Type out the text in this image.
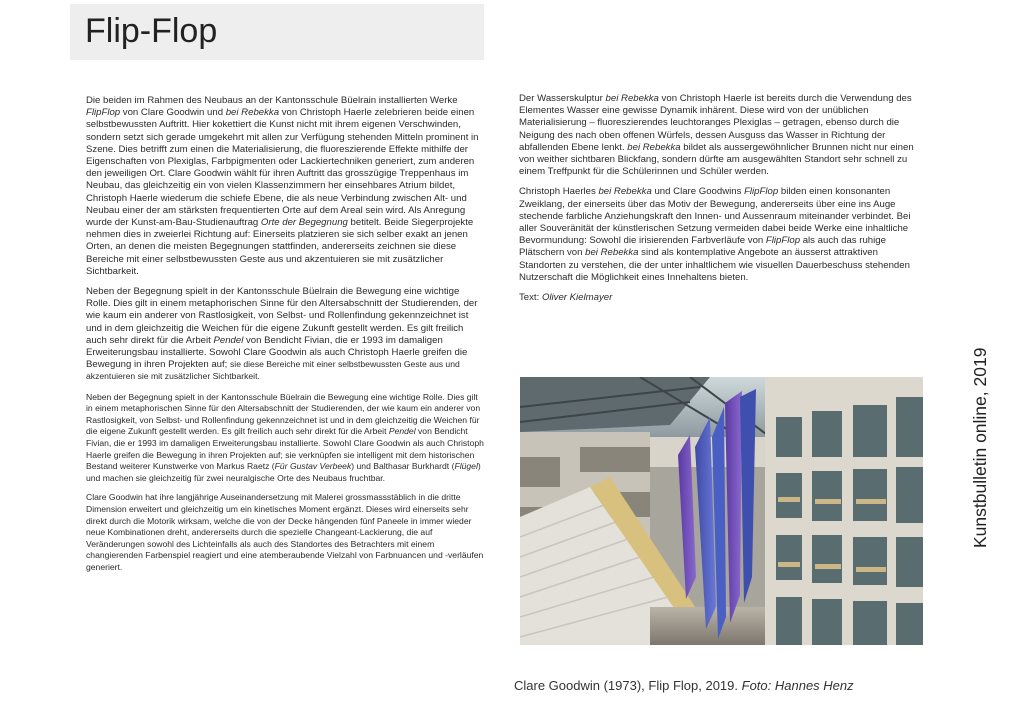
Flip-Flop

Die beiden im Rahmen des Neubaus an der Kantonsschule Büelrain installierten Werke FlipFlop von Clare Goodwin und bei Rebekka von Christoph Haerle zelebrieren beide einen selbstbewussten Auftritt. Hier kokettiert die Kunst nicht mit ihrem eigenen Verschwinden, sondern setzt sich gerade umgekehrt mit allen zur Verfügung stehenden Mitteln prominent in Szene. Dies betrifft zum einen die Materialisierung, die fluoreszierende Effekte mithilfe der Eigenschaften von Plexiglas, Farbpigmenten oder Lackiertechniken generiert, zum anderen den jeweiligen Ort. Clare Goodwin wählt für ihren Auftritt das grosszügige Treppenhaus im Neubau, das gleichzeitig ein von vielen Klassenzimmern her einsehbares Atrium bildet, Christoph Haerle wiederum die schiefe Ebene, die als neue Verbindung zwischen Alt- und Neubau einer der am stärksten frequentierten Orte auf dem Areal sein wird. Als Anregung wurde der Kunst-am-Bau-Studienauftrag Orte der Begegnung betitelt. Beide Siegerprojekte nehmen dies in zweierlei Richtung auf: Einerseits platzieren sie sich selber exakt an jenen Orten, an denen die meisten Begegnungen stattfinden, andererseits zeichnen sie diese Bereiche mit einer selbstbewussten Geste aus und akzentuieren sie mit zusätzlicher Sichtbarkeit.

Neben der Begegnung spielt in der Kantonsschule Büelrain die Bewegung eine wichtige Rolle. Dies gilt in einem metaphorischen Sinne für den Altersabschnitt der Studierenden, der wie kaum ein anderer von Rastlosigkeit, von Selbst- und Rollenfindung gekennzeichnet ist und in dem gleichzeitig die Weichen für die eigene Zukunft gestellt werden. Es gilt freilich auch sehr direkt für die Arbeit Pendel von Bendicht Fivian, die er 1993 im damaligen Erweiterungsbau installierte. Sowohl Clare Goodwin als auch Christoph Haerle greifen die Bewegung in ihren Projekten auf; sie diese Bereiche mit einer selbstbewussten Geste aus und akzentuieren sie mit zusätzlicher Sichtbarkeit.

Neben der Begegnung spielt in der Kantonsschule Büelrain die Bewegung eine wichtige Rolle. Dies gilt in einem metaphorischen Sinne für den Altersabschnitt der Studierenden, der wie kaum ein anderer von Rastlosigkeit, von Selbst- und Rollenfindung gekennzeichnet ist und in dem gleichzeitig die Weichen für die eigene Zukunft gestellt werden. Es gilt freilich auch sehr direkt für die Arbeit Pendel von Bendicht Fivian, die er 1993 im damaligen Erweiterungsbau installierte. Sowohl Clare Goodwin als auch Christoph Haerle greifen die Bewegung in ihren Projekten auf; sie verknüpfen sie intelligent mit dem historischen Bestand weiterer Kunstwerke von Markus Raetz (Für Gustav Verbeek) und Balthasar Burkhardt (Flügel) und machen sie gleichzeitig für zwei neuralgische Orte des Neubaus fruchtbar.

Clare Goodwin hat ihre langjährige Auseinandersetzung mit Malerei grossmassstäblich in die dritte Dimension erweitert und gleichzeitig um ein kinetisches Moment ergänzt. Dieses wird einerseits sehr direkt durch die Motorik wirksam, welche die von der Decke hängenden fünf Paneele in immer wieder neue Kombinationen dreht, andererseits durch die spezielle Changeant-Lackierung, die auf Veränderungen sowohl des Lichteinfalls als auch des Standortes des Betrachters mit einem changierenden Farbenspiel reagiert und eine atemberaubende Vielzahl von Farbnuancen und -verläufen generiert.

Der Wasserskulptur bei Rebekka von Christoph Haerle ist bereits durch die Verwendung des Elementes Wasser eine gewisse Dynamik inhärent. Diese wird von der unüblichen Materialisierung – fluoreszierendes leuchtoranges Plexiglas – getragen, ebenso durch die Neigung des nach oben offenen Würfels, dessen Ausguss das Wasser in Richtung der abfallenden Ebene lenkt. bei Rebekka bildet als aussergewöhnlicher Brunnen nicht nur einen von weither sichtbaren Blickfang, sondern dürfte am ausgewählten Standort sehr schnell zu einem Treffpunkt für die Schülerinnen und Schüler werden.

Christoph Haerles bei Rebekka und Clare Goodwins FlipFlop bilden einen konsonanten Zweiklang, der einerseits über das Motiv der Bewegung, andererseits über eine ins Auge stechende farbliche Anziehungskraft den Innen- und Aussenraum miteinander verbindet. Bei aller Souveränität der künstlerischen Setzung vermeiden dabei beide Werke eine inhaltliche Bevormundung: Sowohl die irisierenden Farbverläufe von FlipFlop als auch das ruhige Plätschern von bei Rebekka sind als kontemplative Angebote an äusserst attraktiven Standorten zu verstehen, die der unter inhaltlichem wie visuellen Dauerbeschuss stehenden Nutzerschaft die Möglichkeit eines Innehaltens bieten.

Text: Oliver Kielmayer

Clare Goodwin (1973), Flip Flop, 2019. Foto: Hannes Henz
Kunstbulletin online, 2019
